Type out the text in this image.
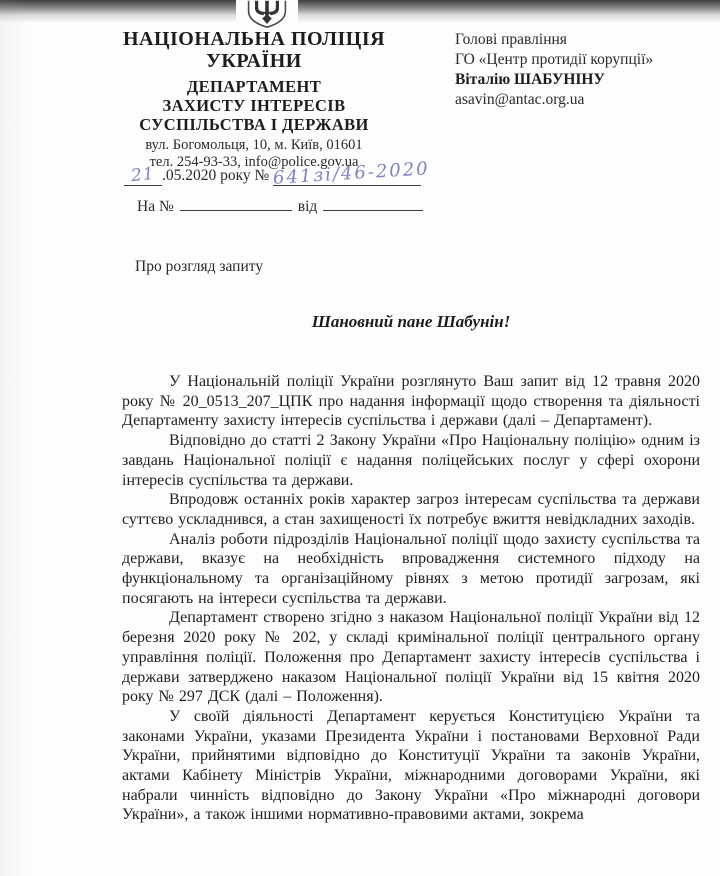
НАЦІОНАЛЬНА ПОЛІЦІЯ
УКРАЇНИ
ДЕПАРТАМЕНТ
ЗАХИСТУ ІНТЕРЕСІВ
СУСПІЛЬСТВА І ДЕРЖАВИ
вул. Богомольця, 10, м. Київ, 01601
тел. 254-93-33, info@police.gov.ua
Голові правління
ГО «Центр протидії корупції»
Віталію ШАБУНІНУ
asavin@antac.org.ua
21 .05.2020 року № 641зі/46-2020
На №	від
Про розгляд запиту
Шановний пане Шабунін!

У Національній поліції України розглянуто Ваш запит від 12 травня 2020 року № 20_0513_207_ЦПК про надання інформації щодо створення та діяльності Департаменту захисту інтересів суспільства і держави (далі – Департамент).

Відповідно до статті 2 Закону України «Про Національну поліцію» одним із завдань Національної поліції є надання поліцейських послуг у сфері охорони інтересів суспільства та держави.

Впродовж останніх років характер загроз інтересам суспільства та держави суттєво ускладнився, а стан захищеності їх потребує вжиття невідкладних заходів.

Аналіз роботи підрозділів Національної поліції щодо захисту суспільства та держави, вказує на необхідність впровадження системного підходу на функціональному та організаційному рівнях з метою протидії загрозам, які посягають на інтереси суспільства та держави.

Департамент створено згідно з наказом Національної поліції України від 12 березня 2020 року № 202, у складі кримінальної поліції центрального органу управління поліції. Положення про Департамент захисту інтересів суспільства і держави затверджено наказом Національної поліції України від 15 квітня 2020 року № 297 ДСК (далі – Положення).

У своїй діяльності Департамент керується Конституцією України та законами України, указами Президента України і постановами Верховної Ради України, прийнятими відповідно до Конституції України та законів України, актами Кабінету Міністрів України, міжнародними договорами України, які набрали чинність відповідно до Закону України «Про міжнародні договори України», а також іншими нормативно-правовими актами, зокрема
